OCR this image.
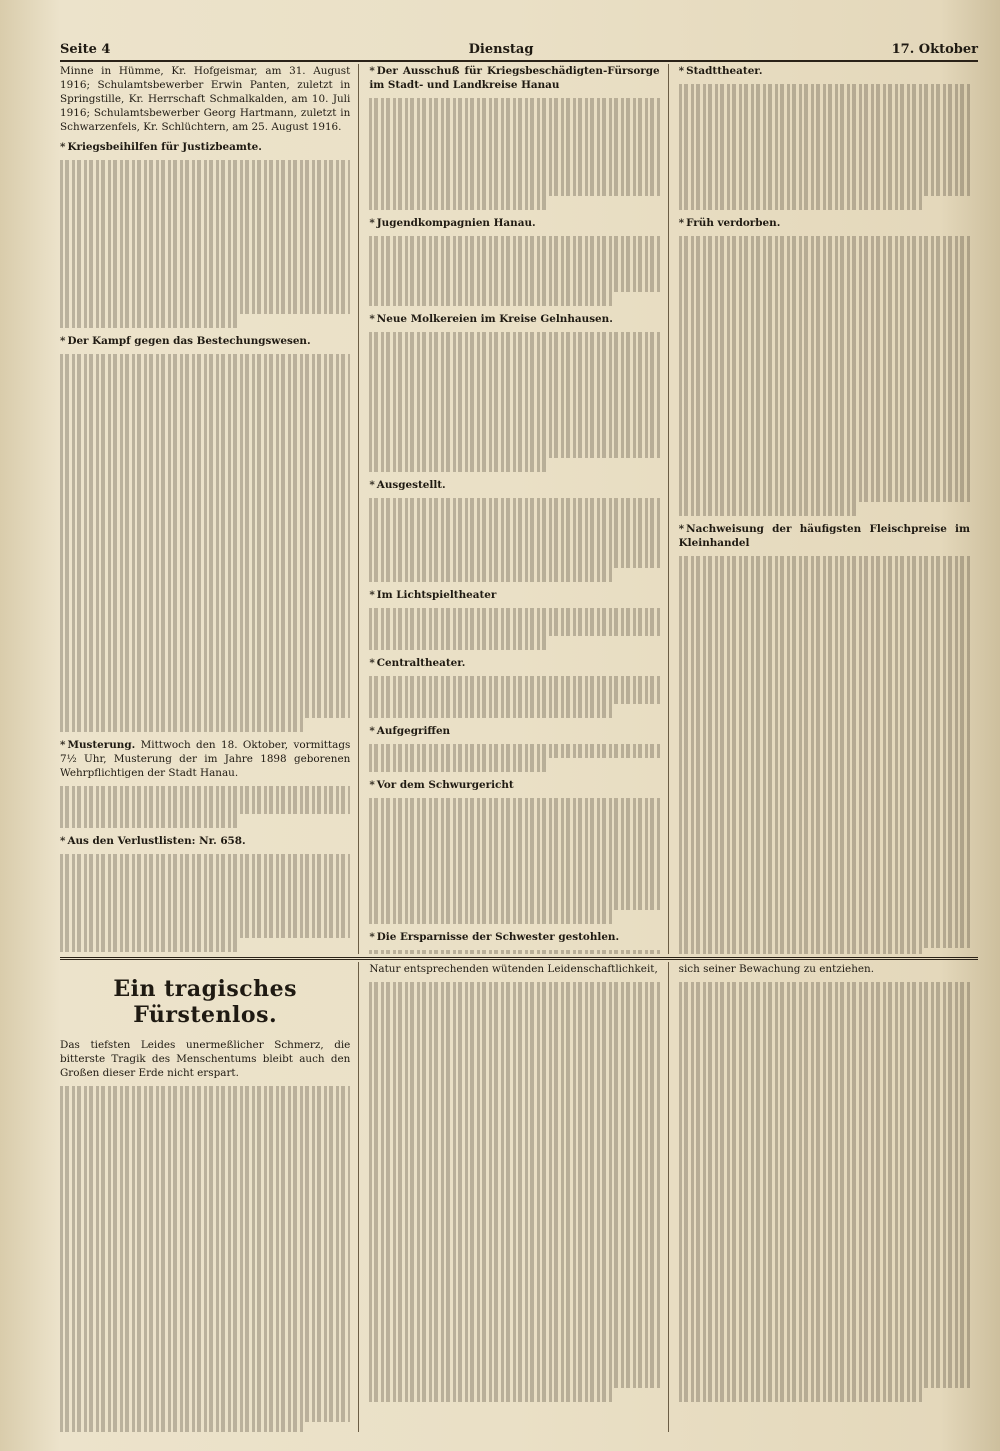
Seite 4	Dienstag	17. Oktober
Minne in Hümme, Kr. Hofgeismar, am 31. August 1916; Schulamtsbewerber Erwin Panten, zuletzt in Springstille, Kr. Herrschaft Schmalkalden, am 10. Juli 1916; Schulamtsbewerber Georg Hartmann, zuletzt in Schwarzenfels, Kr. Schlüchtern, am 25. August 1916.
* Kriegsbeihilfen für Justizbeamte.
* Der Kampf gegen das Bestechungswesen.
* Musterung. Mittwoch den 18. Oktober, vormittags 7½ Uhr, Musterung der im Jahre 1898 geborenen Wehrpflichtigen der Stadt Hanau.
* Aus den Verlustlisten: Nr. 658.
* Der Ausschuß für Kriegsbeschädigten-Fürsorge im Stadt- und Landkreise Hanau
* Jugendkompagnien Hanau.
* Neue Molkereien im Kreise Gelnhausen.
* Ausgestellt.
* Im Lichtspieltheater
* Centraltheater.
* Aufgegriffen
* Vor dem Schwurgericht
* Die Ersparnisse der Schwester gestohlen.
* Stadttheater.
* Früh verdorben.
* Nachweisung der häufigsten Fleischpreise im Kleinhandel
Ein tragisches Fürstenlos.
Das tiefsten Leides unermeßlicher Schmerz, die bitterste Tragik des Menschentums bleibt auch den Großen dieser Erde nicht erspart.
Natur entsprechenden wütenden Leidenschaftlichkeit, sich seiner Bewachung zu entziehen.
